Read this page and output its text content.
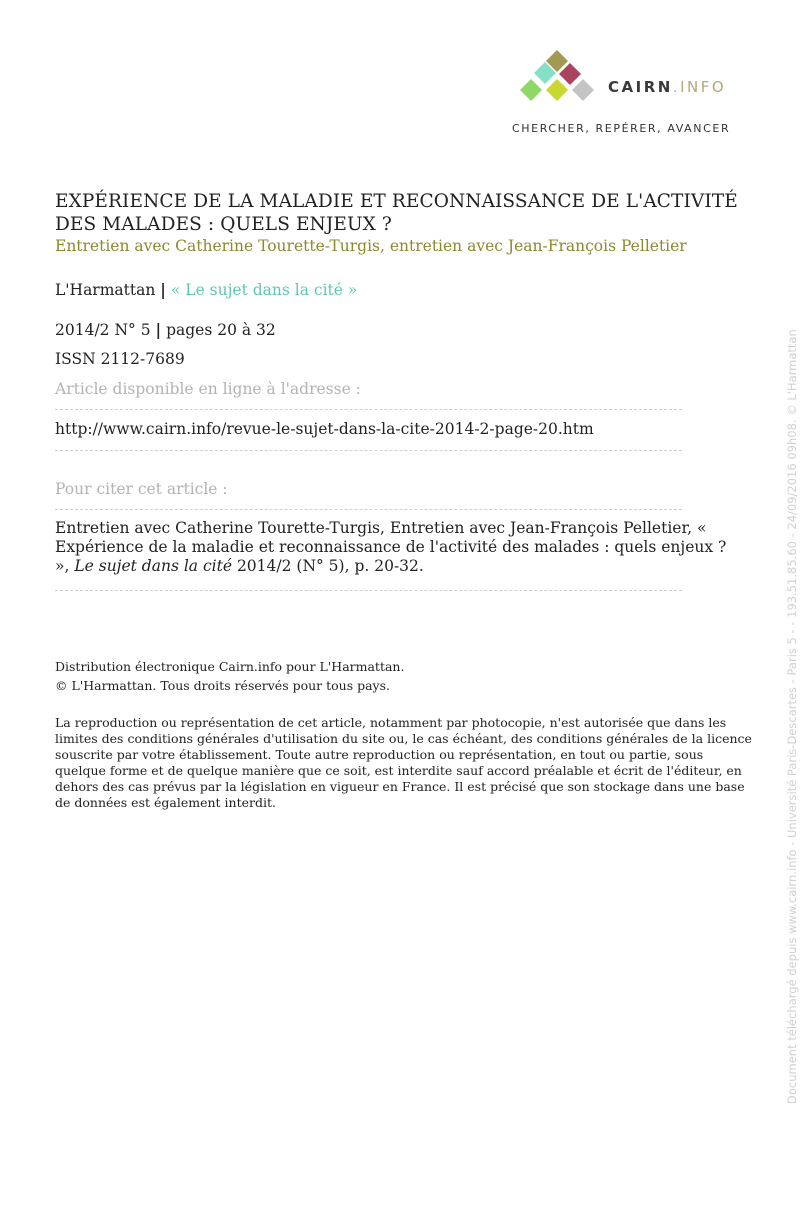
CAIRN.INFO
CHERCHER, REPÉRER, AVANCER
EXPÉRIENCE DE LA MALADIE ET RECONNAISSANCE DE L'ACTIVITÉ DES MALADES : QUELS ENJEUX ?
Entretien avec Catherine Tourette-Turgis, entretien avec Jean-François Pelletier
L'Harmattan | « Le sujet dans la cité »
2014/2 N° 5 | pages 20 à 32
ISSN 2112-7689
Article disponible en ligne à l'adresse :
http://www.cairn.info/revue-le-sujet-dans-la-cite-2014-2-page-20.htm
Pour citer cet article :
Entretien avec Catherine Tourette-Turgis, Entretien avec Jean-François Pelletier, « Expérience de la maladie et reconnaissance de l'activité des malades : quels enjeux ? », Le sujet dans la cité 2014/2 (N° 5), p. 20-32.
Distribution électronique Cairn.info pour L'Harmattan.
© L'Harmattan. Tous droits réservés pour tous pays.
La reproduction ou représentation de cet article, notamment par photocopie, n'est autorisée que dans les limites des conditions générales d'utilisation du site ou, le cas échéant, des conditions générales de la licence souscrite par votre établissement. Toute autre reproduction ou représentation, en tout ou partie, sous quelque forme et de quelque manière que ce soit, est interdite sauf accord préalable et écrit de l'éditeur, en dehors des cas prévus par la législation en vigueur en France. Il est précisé que son stockage dans une base de données est également interdit.	Document téléchargé depuis www.cairn.info - Université Paris-Descartes - Paris 5 - - 193.51.85.60 - 24/09/2016 09h08. © L'Harmattan
